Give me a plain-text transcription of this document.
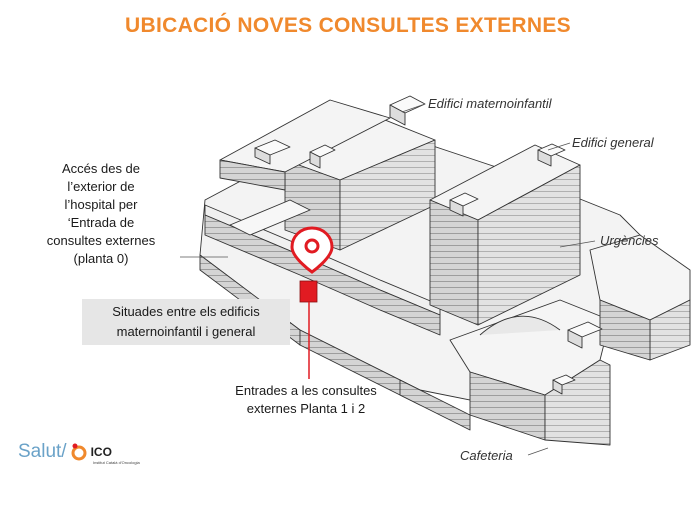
UBICACIÓ NOVES CONSULTES EXTERNES
Edifici maternoinfantil
Edifici general
Urgències
Cafeteria
Accés des de
l’exterior de
l’hospital per
‘Entrada de
consultes externes
(planta 0)
Situades entre els edificis
maternoinfantil i general
Entrades a les consultes
externes Planta 1 i 2
Salut/ ICO
Institut Català d’Oncologia
